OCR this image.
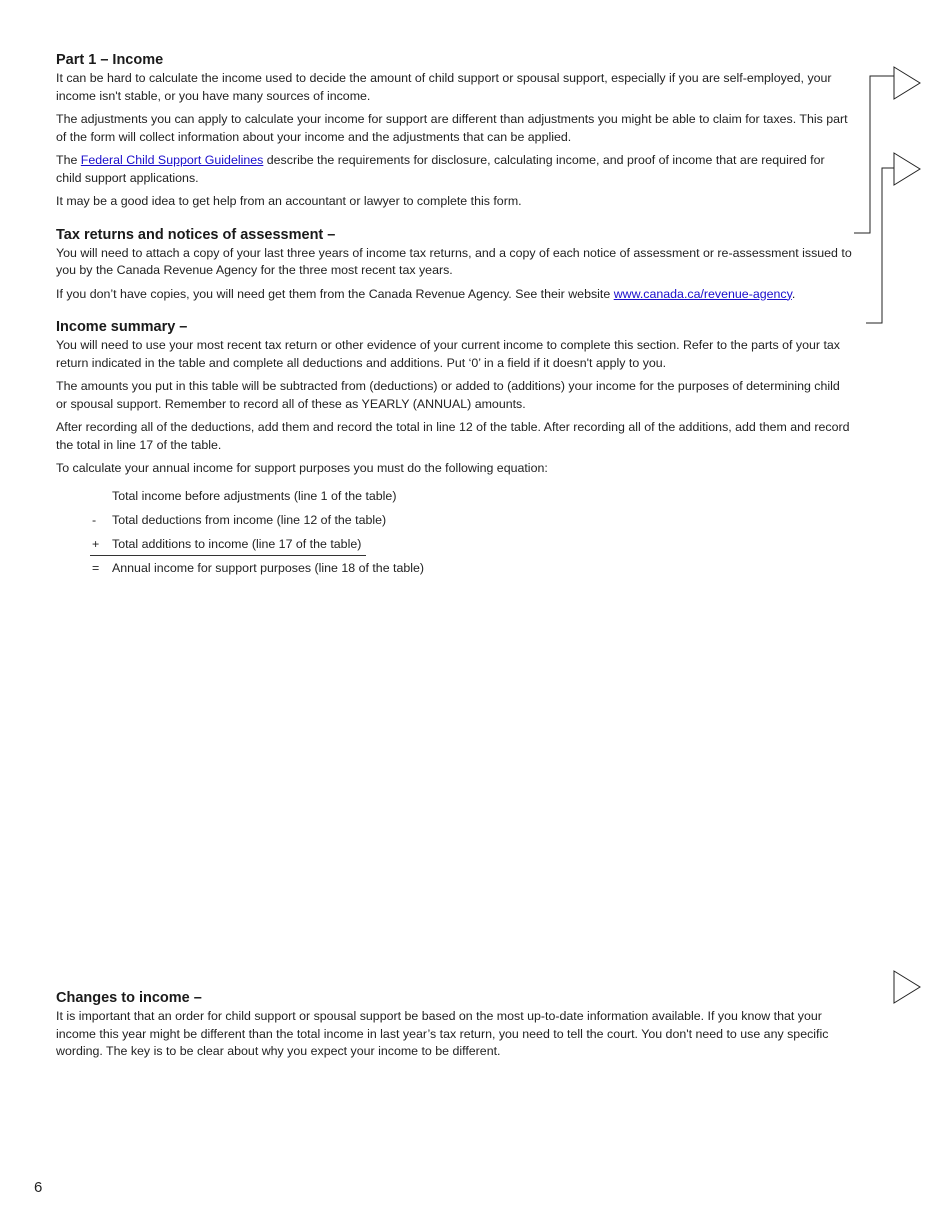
Part 1 – Income

It can be hard to calculate the income used to decide the amount of child support or spousal support, especially if you are self-employed, your income isn't stable, or you have many sources of income.

The adjustments you can apply to calculate your income for support are different than adjustments you might be able to claim for taxes. This part of the form will collect information about your income and the adjustments that can be applied.

The Federal Child Support Guidelines describe the requirements for disclosure, calculating income, and proof of income that are required for child support applications.

It may be a good idea to get help from an accountant or lawyer to complete this form.

Tax returns and notices of assessment –

You will need to attach a copy of your last three years of income tax returns, and a copy of each notice of assessment or re-assessment issued to you by the Canada Revenue Agency for the three most recent tax years.

If you don’t have copies, you will need get them from the Canada Revenue Agency. See their website www.canada.ca/revenue-agency.

Income summary –

You will need to use your most recent tax return or other evidence of your current income to complete this section. Refer to the parts of your tax return indicated in the table and complete all deductions and additions. Put ‘0’ in a field if it doesn't apply to you.

The amounts you put in this table will be subtracted from (deductions) or added to (additions) your income for the purposes of determining child or spousal support. Remember to record all of these as YEARLY (ANNUAL) amounts.

After recording all of the deductions, add them and record the total in line 12 of the table. After recording all of the additions, add them and record the total in line 17 of the table.

To calculate your annual income for support purposes you must do the following equation:

Total income before adjustments (line 1 of the table)
- Total deductions from income (line 12 of the table)
+ Total additions to income (line 17 of the table)
= Annual income for support purposes (line 18 of the table)
Changes to income –

It is important that an order for child support or spousal support be based on the most up-to-date information available. If you know that your income this year might be different than the total income in last year’s tax return, you need to tell the court. You don't need to use any specific wording. The key is to be clear about why you expect your income to be different.

6
